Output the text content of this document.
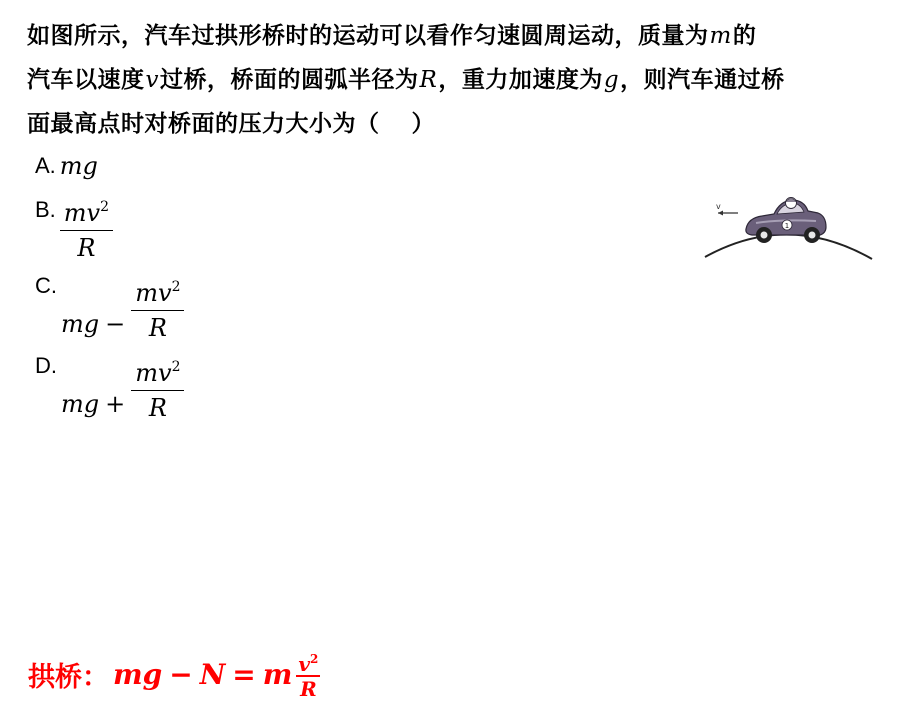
如图所示，汽车过拱形桥时的运动可以看作匀速圆周运动，质量为m的
汽车以速度v过桥，桥面的圆弧半径为R，重力加速度为g，则汽车通过桥
面最高点时对桥面的压力大小为（　 ）
A. mg
B. $\frac{mv^2}{R}$
C.
mg − $\frac{mv^2}{R}$
D.
mg + $\frac{mv^2}{R}$
v
1
拱桥： mg − N = m $\frac{v^2}{R}$
